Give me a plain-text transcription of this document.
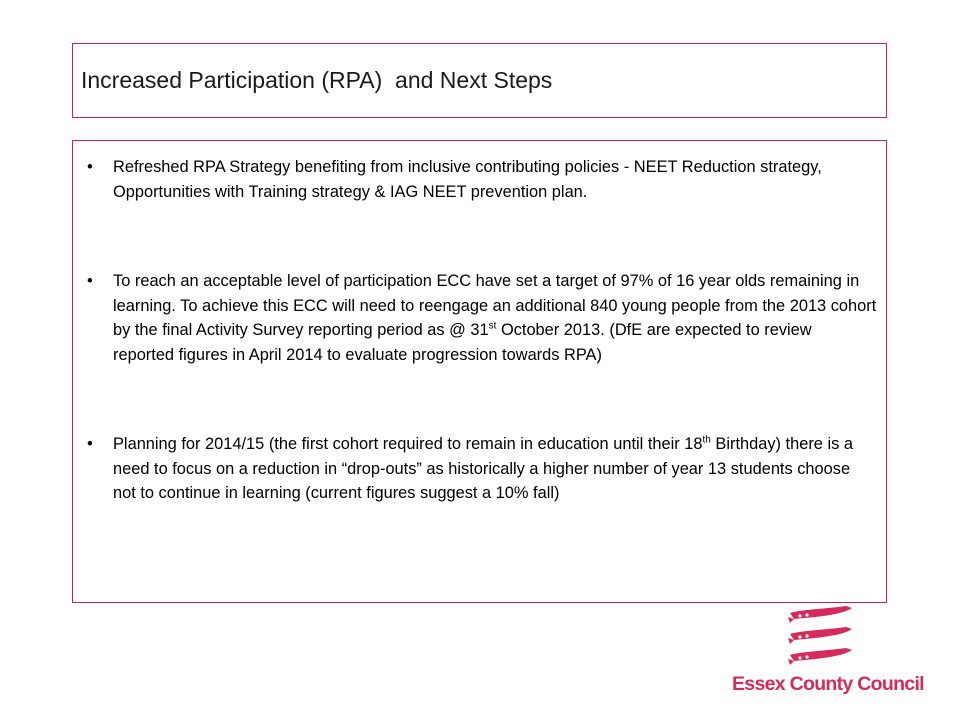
Increased Participation (RPA)  and Next Steps
• Refreshed RPA Strategy benefiting from inclusive contributing policies - NEET Reduction strategy, Opportunities with Training strategy & IAG NEET prevention plan.
• To reach an acceptable level of participation ECC have set a target of 97% of 16 year olds remaining in learning. To achieve this ECC will need to reengage an additional 840 young people from the 2013 cohort by the final Activity Survey reporting period as @ 31st October 2013. (DfE are expected to review reported figures in April 2014 to evaluate progression towards RPA)
• Planning for 2014/15 (the first cohort required to remain in education until their 18th Birthday) there is a need to focus on a reduction in “drop-outs” as historically a higher number of year 13 students choose not to continue in learning (current figures suggest a 10% fall)
Essex County Council
